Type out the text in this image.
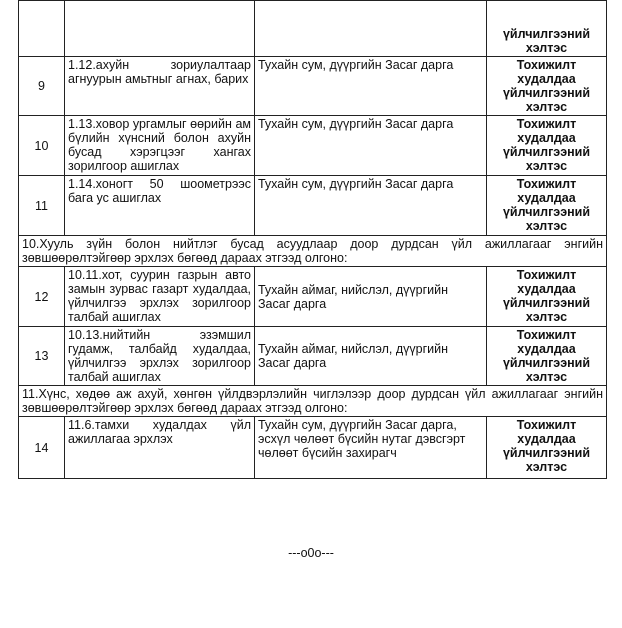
			үйлчилгээний хэлтэс
9	1.12.ахуйн зориулалтаар агнуурын амьтныг агнах, барих	Тухайн сум, дүүргийн Засаг дарга	Тохижилт худалдаа үйлчилгээний хэлтэс
10	1.13.ховор ургамлыг өөрийн ам бүлийн хүнсний болон ахуйн бусад хэрэгцээг хангах зорилгоор ашиглах	Тухайн сум, дүүргийн Засаг дарга	Тохижилт худалдаа үйлчилгээний хэлтэс
11	1.14.хоногт 50 шоометрээс бага ус ашиглах	Тухайн сум, дүүргийн Засаг дарга	Тохижилт худалдаа үйлчилгээний хэлтэс
10.Хууль зүйн болон нийтлэг бусад асуудлаар доор дурдсан үйл ажиллагааг энгийн зөвшөөрөлтэйгөөр эрхлэх бөгөөд дараах этгээд олгоно:			
12	10.11.хот, суурин газрын авто замын зурвас газарт худалдаа, үйлчилгээ эрхлэх зорилгоор талбай ашиглах	Тухайн аймаг, нийслэл, дүүргийн Засаг дарга	Тохижилт худалдаа үйлчилгээний хэлтэс
13	10.13.нийтийн эзэмшил гудамж, талбайд худалдаа, үйлчилгээ эрхлэх зорилгоор талбай ашиглах	Тухайн аймаг, нийслэл, дүүргийн Засаг дарга	Тохижилт худалдаа үйлчилгээний хэлтэс
11.Хүнс, хөдөө аж ахуй, хөнгөн үйлдвэрлэлийн чиглэлээр доор дурдсан үйл ажиллагааг энгийн зөвшөөрөлтэйгөөр эрхлэх бөгөөд дараах этгээд олгоно:			
14	11.6.тамхи худалдах үйл ажиллагаа эрхлэх	Тухайн сум, дүүргийн Засаг дарга, эсхүл чөлөөт бүсийн нутаг дэвсгэрт чөлөөт бүсийн захирагч	Тохижилт худалдаа үйлчилгээний хэлтэс
---o0o---
